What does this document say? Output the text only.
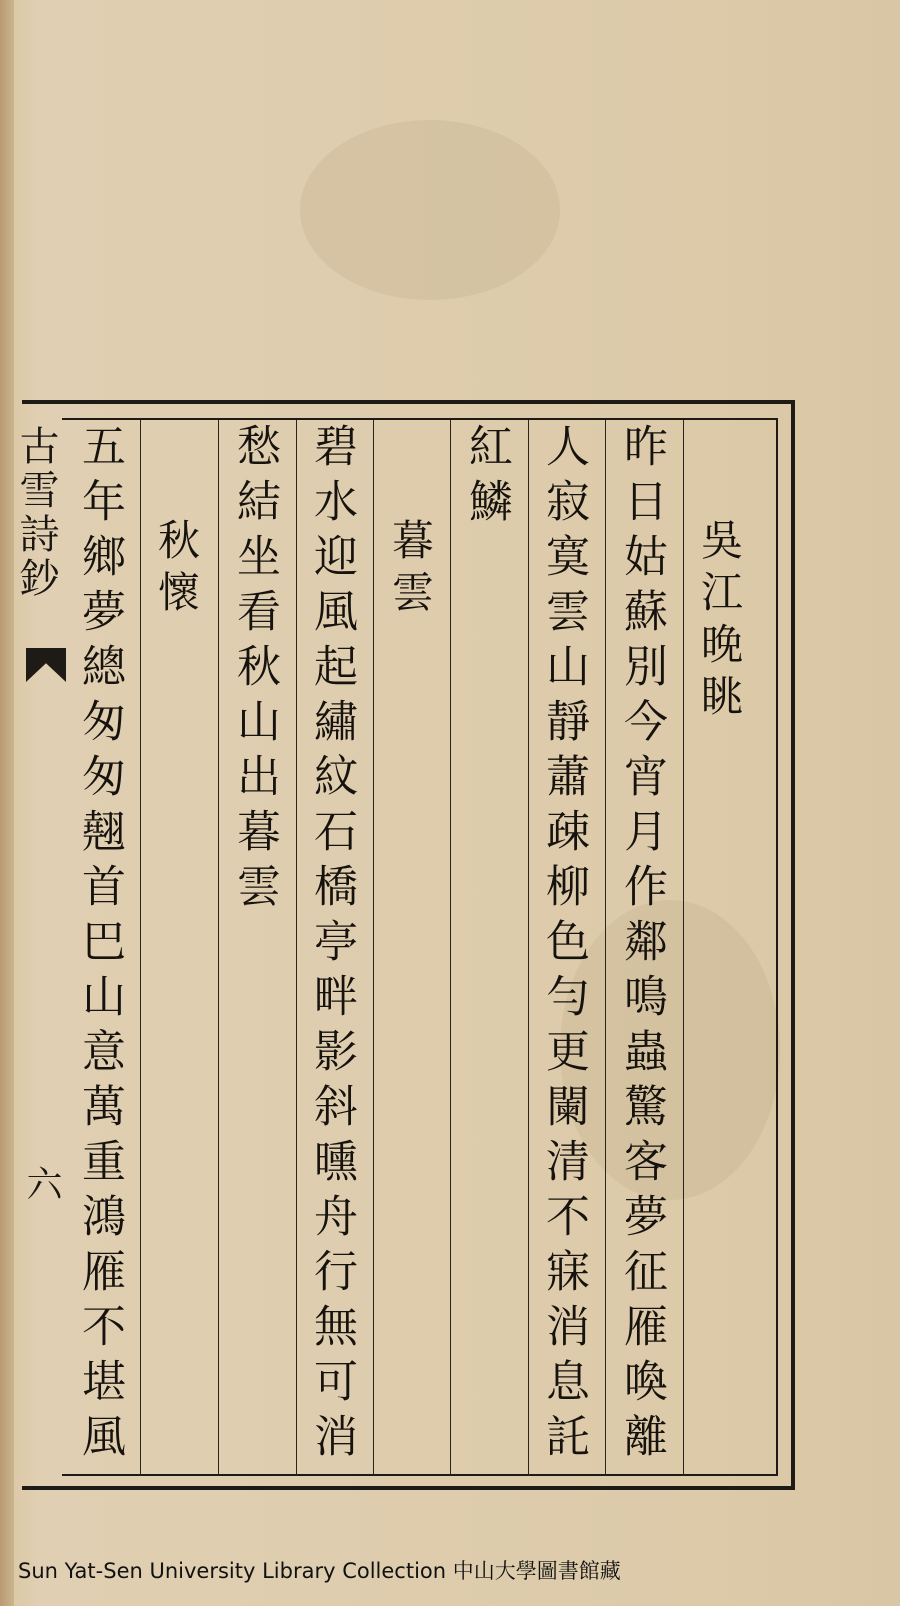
古雪詩鈔
六
吳江晚眺
昨日姑蘇別今宵月作鄰鳴蟲驚客夢征雁喚離
人寂寞雲山靜蕭疎柳色勻更闌清不寐消息託
紅鱗
暮雲
碧水迎風起繡紋石橋亭畔影斜曛舟行無可消
愁結坐看秋山出暮雲
秋懷
五年鄉夢總匆匆翹首巴山意萬重鴻雁不堪風
Sun Yat-Sen University Library Collection 中山大學圖書館藏
